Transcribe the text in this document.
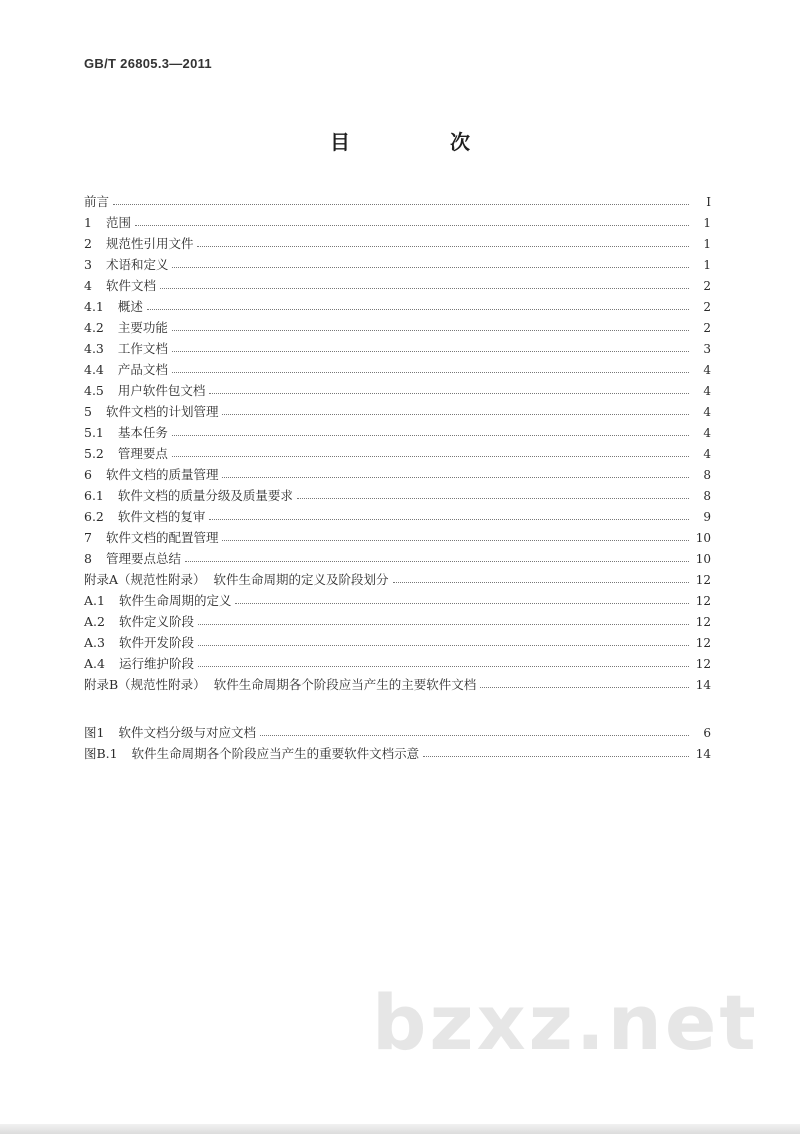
GB/T 26805.3—2011
目　次
前言	I
1	范围	1
2	规范性引用文件	1
3	术语和定义	1
4	软件文档	2
4.1	概述	2
4.2	主要功能	2
4.3	工作文档	3
4.4	产品文档	4
4.5	用户软件包文档	4
5	软件文档的计划管理	4
5.1	基本任务	4
5.2	管理要点	4
6	软件文档的质量管理	8
6.1	软件文档的质量分级及质量要求	8
6.2	软件文档的复审	9
7	软件文档的配置管理	10
8	管理要点总结	10
附录A（规范性附录） 软件生命周期的定义及阶段划分	12
A.1	软件生命周期的定义	12
A.2	软件定义阶段	12
A.3	软件开发阶段	12
A.4	运行维护阶段	12
附录B（规范性附录） 软件生命周期各个阶段应当产生的主要软件文档	14
图1	软件文档分级与对应文档	6
图B.1	软件生命周期各个阶段应当产生的重要软件文档示意	14
bzxz.net
